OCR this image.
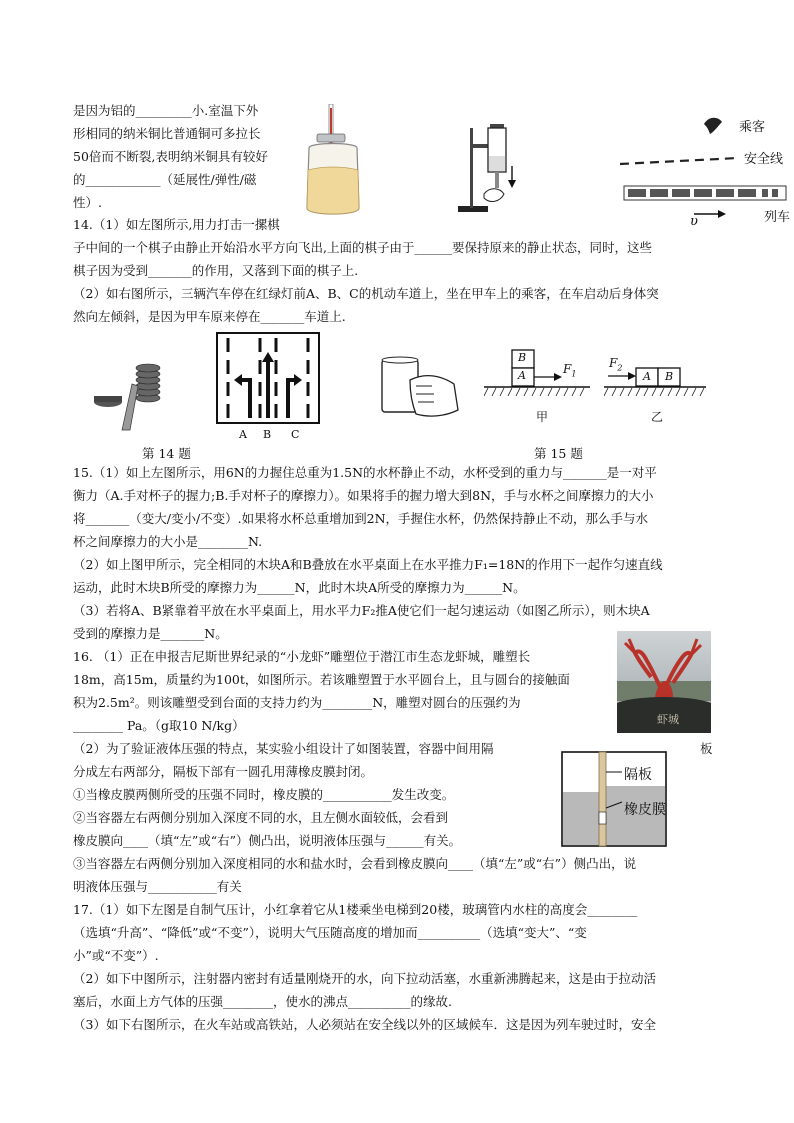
是因为铝的_________小.室温下外
形相同的纳米铜比普通铜可多拉长
50倍而不断裂,表明纳米铜具有较好
的____________（延展性/弹性/磁
性）.
14.（1）如左图所示,用力打击一摞棋
子中间的一个棋子由静止开始沿水平方向飞出,上面的棋子由于______要保持原来的静止状态，同时，这些
棋子因为受到_______的作用，又落到下面的棋子上.
（2）如右图所示，三辆汽车停在红绿灯前A、B、C的机动车道上，坐在甲车上的乘客，在车启动后身体突
然向左倾斜，是因为甲车原来停在_______车道上.
A B C
B
A	$F_1$
甲
$F_2$
A B
乙
第 14 题	第 15 题
15.（1）如上左图所示，用6N的力握住总重为1.5N的水杯静止不动，水杯受到的重力与_______是一对平
衡力（A.手对杯子的握力;B.手对杯子的摩擦力）。如果将手的握力增大到8N，手与水杯之间摩擦力的大小
将_______（变大/变小/不变）.如果将水杯总重增加到2N，手握住水杯，仍然保持静止不动，那么手与水
杯之间摩擦力的大小是________N.
（2）如上图甲所示，完全相同的木块A和B叠放在水平桌面上在水平推力F₁=18N的作用下一起作匀速直线
运动，此时木块B所受的摩擦力为______N，此时木块A所受的摩擦力为______N。
（3）若将A、B紧靠着平放在水平桌面上，用水平力F₂推A使它们一起匀速运动（如图乙所示），则木块A
受到的摩擦力是_______N。
16. （1）正在申报吉尼斯世界纪录的“小龙虾”雕塑位于潜江市生态龙虾城，雕塑长
18m，高15m，质量约为100t，如图所示。若该雕塑置于水平圆台上，且与圆台的接触面
积为2.5m²。则该雕塑受到台面的支持力约为________N，雕塑对圆台的压强约为
________ Pa。（g取10 N/kg）	虾城
（2）为了验证液体压强的特点，某实验小组设计了如图装置，容器中间用隔	板
分成左右两部分，隔板下部有一圆孔用薄橡皮膜封闭。
①当橡皮膜两侧所受的压强不同时，橡皮膜的___________发生改变。
②当容器左右两侧分别加入深度不同的水，且左侧水面较低，会看到
橡皮膜向____（填“左”或“右”）侧凸出，说明液体压强与______有关。
隔板
橡皮膜
③当容器左右两侧分别加入深度相同的水和盐水时，会看到橡皮膜向____（填“左”或“右”）侧凸出，说
明液体压强与___________有关
17.（1）如下左图是自制气压计，小红拿着它从1楼乘坐电梯到20楼，玻璃管内水柱的高度会________
（选填“升高”、“降低”或“不变”），说明大气压随高度的增加而__________（选填“变大”、“变
小”或“不变”）.
（2）如下中图所示，注射器内密封有适量刚烧开的水，向下拉动活塞，水重新沸腾起来，这是由于拉动活
塞后，水面上方气体的压强________，使水的沸点__________的缘故.
（3）如下右图所示，在火车站或高铁站，人必须站在安全线以外的区域候车．这是因为列车驶过时，安全
乘客
安全线
列车
υ
